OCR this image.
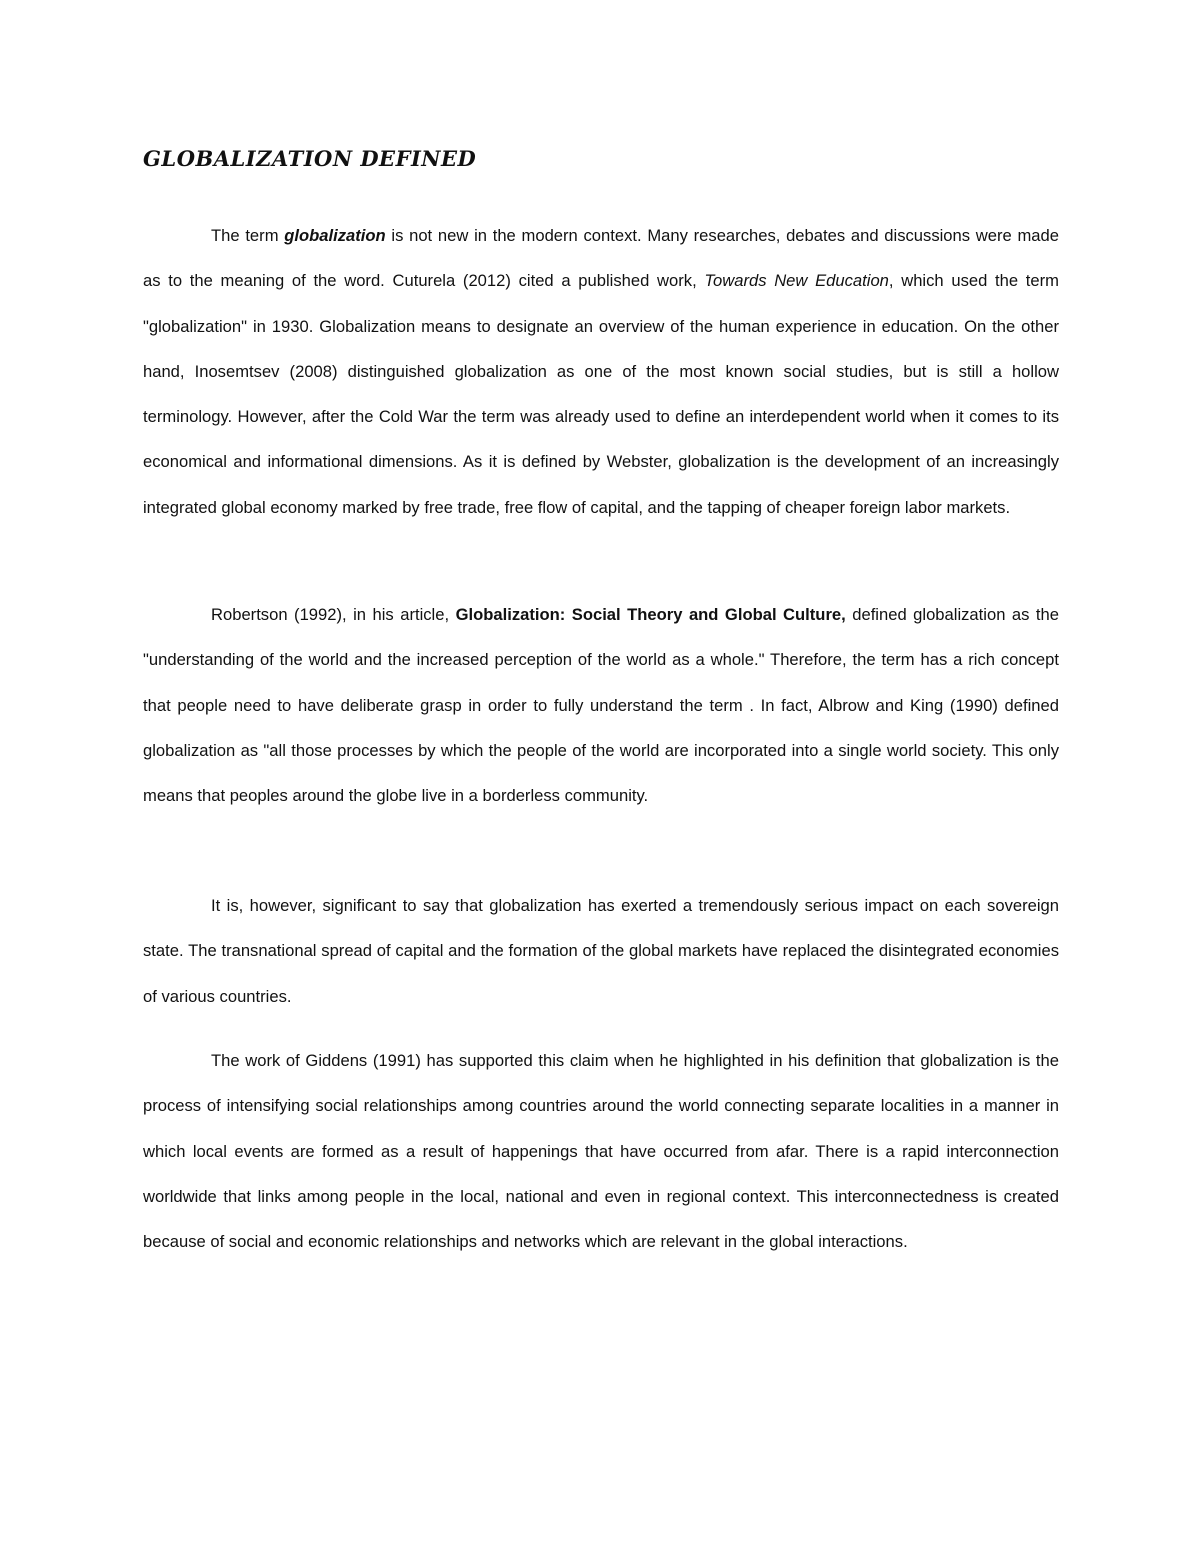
GLOBALIZATION DEFINED

The term globalization is not new in the modern context. Many researches, debates and discussions were made as to the meaning of the word. Cuturela (2012) cited a published work, Towards New Education, which used the term "globalization" in 1930. Globalization means to designate an overview of the human experience in education. On the other hand, Inosemtsev (2008) distinguished globalization as one of the most known social studies, but is still a hollow terminology. However, after the Cold War the term was already used to define an interdependent world when it comes to its economical and informational dimensions. As it is defined by Webster, globalization is the development of an increasingly integrated global economy marked by free trade, free flow of capital, and the tapping of cheaper foreign labor markets.

Robertson (1992), in his article, Globalization: Social Theory and Global Culture, defined globalization as the "understanding of the world and the increased perception of the world as a whole." Therefore, the term has a rich concept that people need to have deliberate grasp in order to fully understand the term . In fact, Albrow and King (1990) defined globalization as "all those processes by which the people of the world are incorporated into a single world society. This only means that peoples around the globe live in a borderless community.

It is, however, significant to say that globalization has exerted a tremendously serious impact on each sovereign state. The transnational spread of capital and the formation of the global markets have replaced the disintegrated economies of various countries.

The work of Giddens (1991) has supported this claim when he highlighted in his definition that globalization is the process of intensifying social relationships among countries around the world connecting separate localities in a manner in which local events are formed as a result of happenings that have occurred from afar. There is a rapid interconnection worldwide that links among people in the local, national and even in regional context. This interconnectedness is created because of social and economic relationships and networks which are relevant in the global interactions.
